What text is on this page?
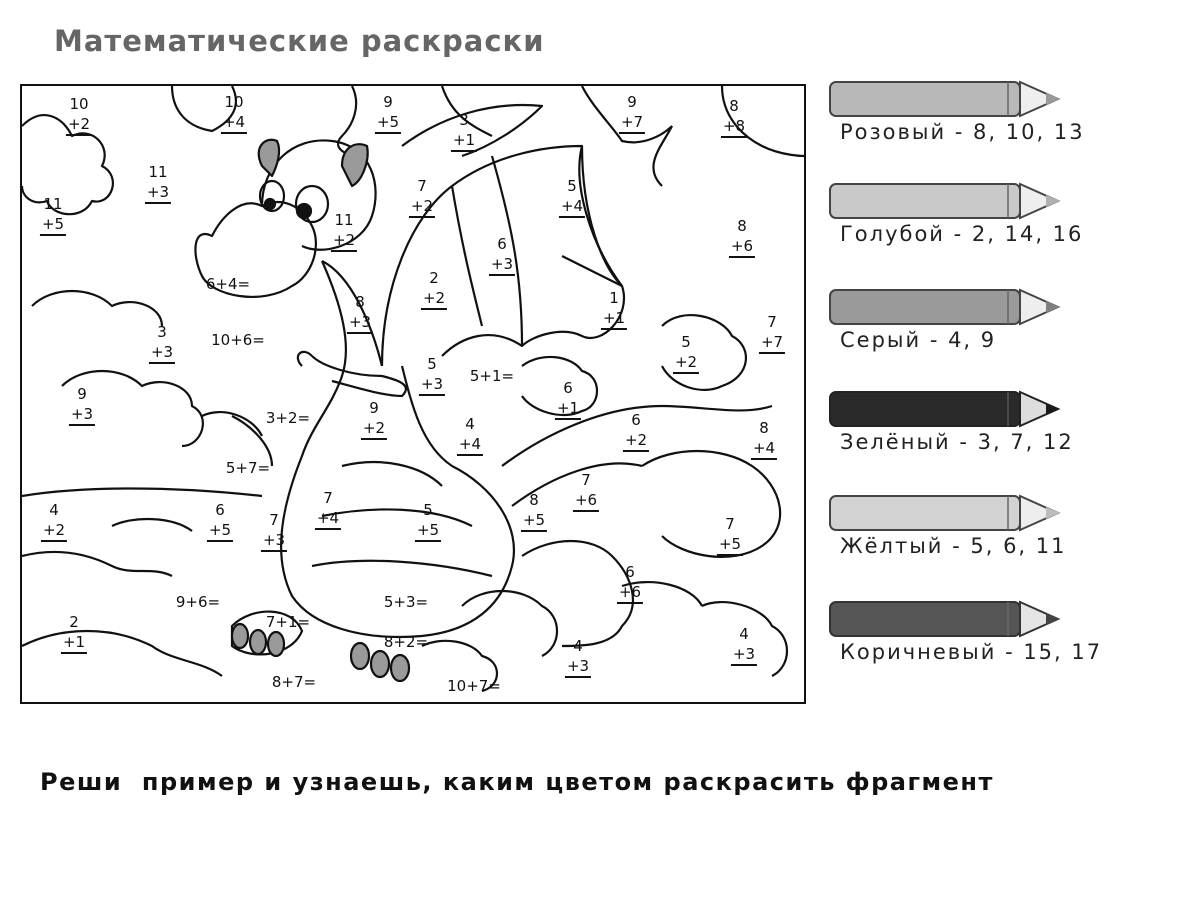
Математические раскраски
10
+2
10
+4
9
+5	3
+1
9
+7
8
+8
11
+3
11
+5	11
+2
7
+2
5
+4
8
+6
6
+3
2
+2
8
+3
1
+1	7
+7
3
+3
5
+2
5
+3
9
+3
6
+1
9
+2	4
+4
6
+2
8
+4
7
+6
4
+2
6
+5
7
+4
7
+3
5
+5
8
+5	7
+5
6
+6
2
+1	4
+3
4
+3
6+4=
10+6=
5+1=
3+2=
5+7=
9+6=	5+3=
7+1=
8+2=
8+7=	10+7=
Розовый - 8, 10, 13
Голубой - 2, 14, 16
Серый - 4, 9
Зелёный - 3, 7, 12
Жёлтый - 5, 6, 11
Коричневый - 15, 17
Реши  пример и узнаешь, каким цветом раскрасить фрагмент
